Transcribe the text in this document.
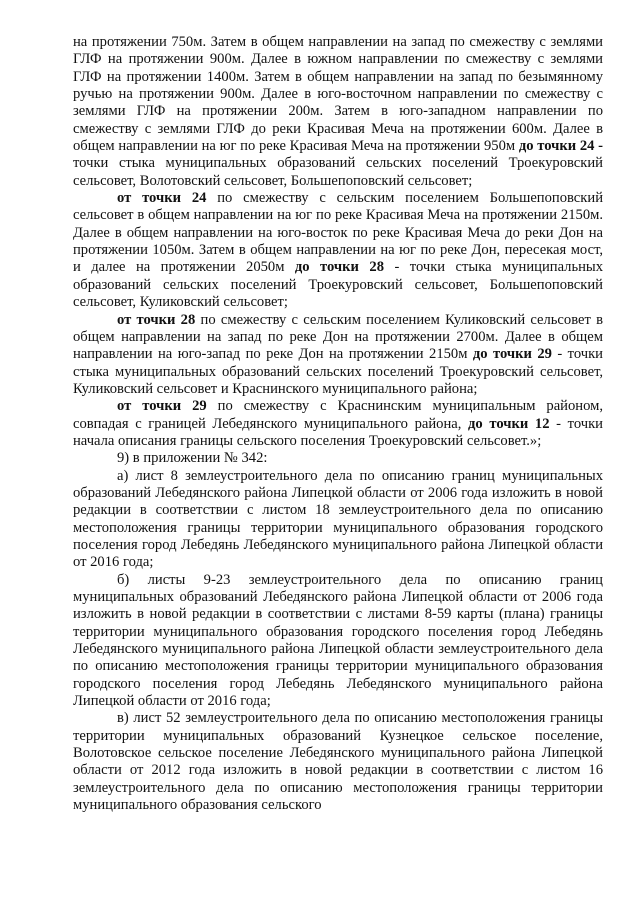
на протяжении 750м. Затем в общем направлении на запад по смежеству с землями ГЛФ на протяжении 900м. Далее в южном направлении по смежеству с землями ГЛФ на протяжении 1400м. Затем в общем направлении на запад по безымянному ручью на протяжении 900м. Далее в юго-восточном направлении по смежеству с землями ГЛФ на протяжении 200м. Затем в юго-западном направлении по смежеству с землями ГЛФ до реки Красивая Меча на протяжении 600м. Далее в общем направлении на юг по реке Красивая Меча на протяжении 950м до точки 24 - точки стыка муниципальных образований сельских поселений Троекуровский сельсовет, Волотовский сельсовет, Большепоповский сельсовет;

от точки 24 по смежеству с сельским поселением Большепоповский сельсовет в общем направлении на юг по реке Красивая Меча на протяжении 2150м. Далее в общем направлении на юго-восток по реке Красивая Меча до реки Дон на протяжении 1050м. Затем в общем направлении на юг по реке Дон, пересекая мост, и далее на протяжении 2050м до точки 28 - точки стыка муниципальных образований сельских поселений Троекуровский сельсовет, Большепоповский сельсовет, Куликовский сельсовет;

от точки 28 по смежеству с сельским поселением Куликовский сельсовет в общем направлении на запад по реке Дон на протяжении 2700м. Далее в общем направлении на юго-запад по реке Дон на протяжении 2150м до точки 29 - точки стыка муниципальных образований сельских поселений Троекуровский сельсовет, Куликовский сельсовет и Краснинского муниципального района;

от точки 29 по смежеству с Краснинским муниципальным районом, совпадая с границей Лебедянского муниципального района, до точки 12 - точки начала описания границы сельского поселения Троекуровский сельсовет.»;

9) в приложении № 342:

а) лист 8 землеустроительного дела по описанию границ муниципальных образований Лебедянского района Липецкой области от 2006 года изложить в новой редакции в соответствии с листом 18 землеустроительного дела по описанию местоположения границы территории муниципального образования городского поселения город Лебедянь Лебедянского муниципального района Липецкой области от 2016 года;

б) листы 9-23 землеустроительного дела по описанию границ муниципальных образований Лебедянского района Липецкой области от 2006 года изложить в новой редакции в соответствии с листами 8-59 карты (плана) границы территории муниципального образования городского поселения город Лебедянь Лебедянского муниципального района Липецкой области землеустроительного дела по описанию местоположения границы территории муниципального образования городского поселения город Лебедянь Лебедянского муниципального района Липецкой области от 2016 года;

в) лист 52 землеустроительного дела по описанию местоположения границы территории муниципальных образований Кузнецкое сельское поселение, Волотовское сельское поселение Лебедянского муниципального района Липецкой области от 2012 года изложить в новой редакции в соответствии с листом 16 землеустроительного дела по описанию местоположения границы территории муниципального образования сельского
